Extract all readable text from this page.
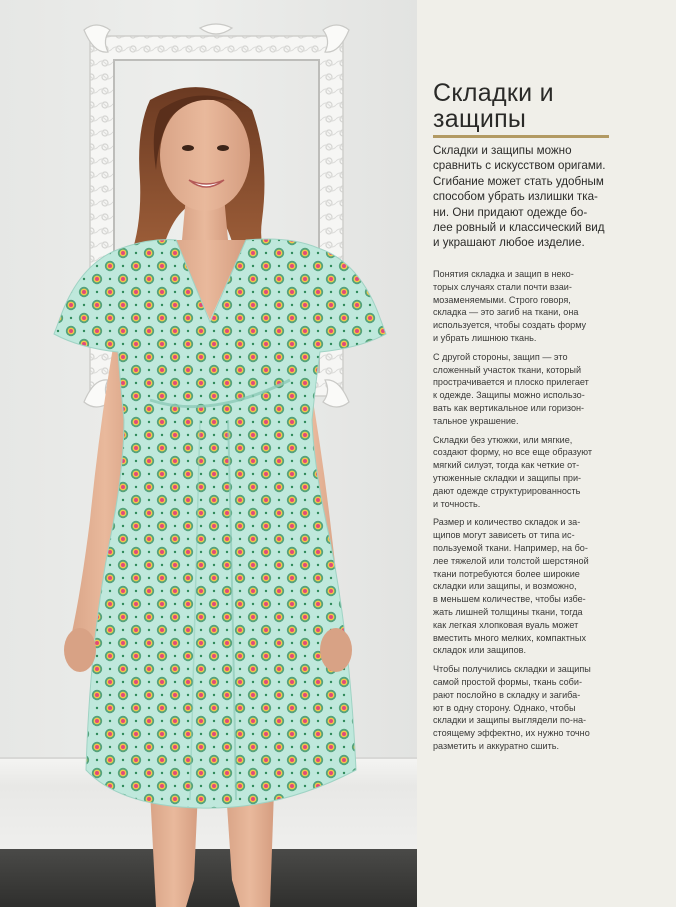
Складки и
защипы

Складки и защипы можно
сравнить с искусством оригами.
Сгибание может стать удобным
способом убрать излишки тка-
ни. Они придают одежде бо-
лее ровный и классический вид
и украшают любое изделие.

Понятия складка и защип в неко-
торых случаях стали почти взаи-
мозаменяемыми. Строго говоря,
складка — это загиб на ткани, она
используется, чтобы создать форму
и убрать лишнюю ткань.

С другой стороны, защип — это
сложенный участок ткани, который
прострачивается и плоско прилегает
к одежде. Защипы можно использо-
вать как вертикальное или горизон-
тальное украшение.

Складки без утюжки, или мягкие,
создают форму, но все еще образуют
мягкий силуэт, тогда как четкие от-
утюженные складки и защипы при-
дают одежде структурированность
и точность.

Размер и количество складок и за-
щипов могут зависеть от типа ис-
пользуемой ткани. Например, на бо-
лее тяжелой или толстой шерстяной
ткани потребуются более широкие
складки или защипы, и возможно,
в меньшем количестве, чтобы избе-
жать лишней толщины ткани, тогда
как легкая хлопковая вуаль может
вместить много мелких, компактных
складок или защипов.

Чтобы получились складки и защипы
самой простой формы, ткань соби-
рают послойно в складку и загиба-
ют в одну сторону. Однако, чтобы
складки и защипы выглядели по-на-
стоящему эффектно, их нужно точно
разметить и аккуратно сшить.
